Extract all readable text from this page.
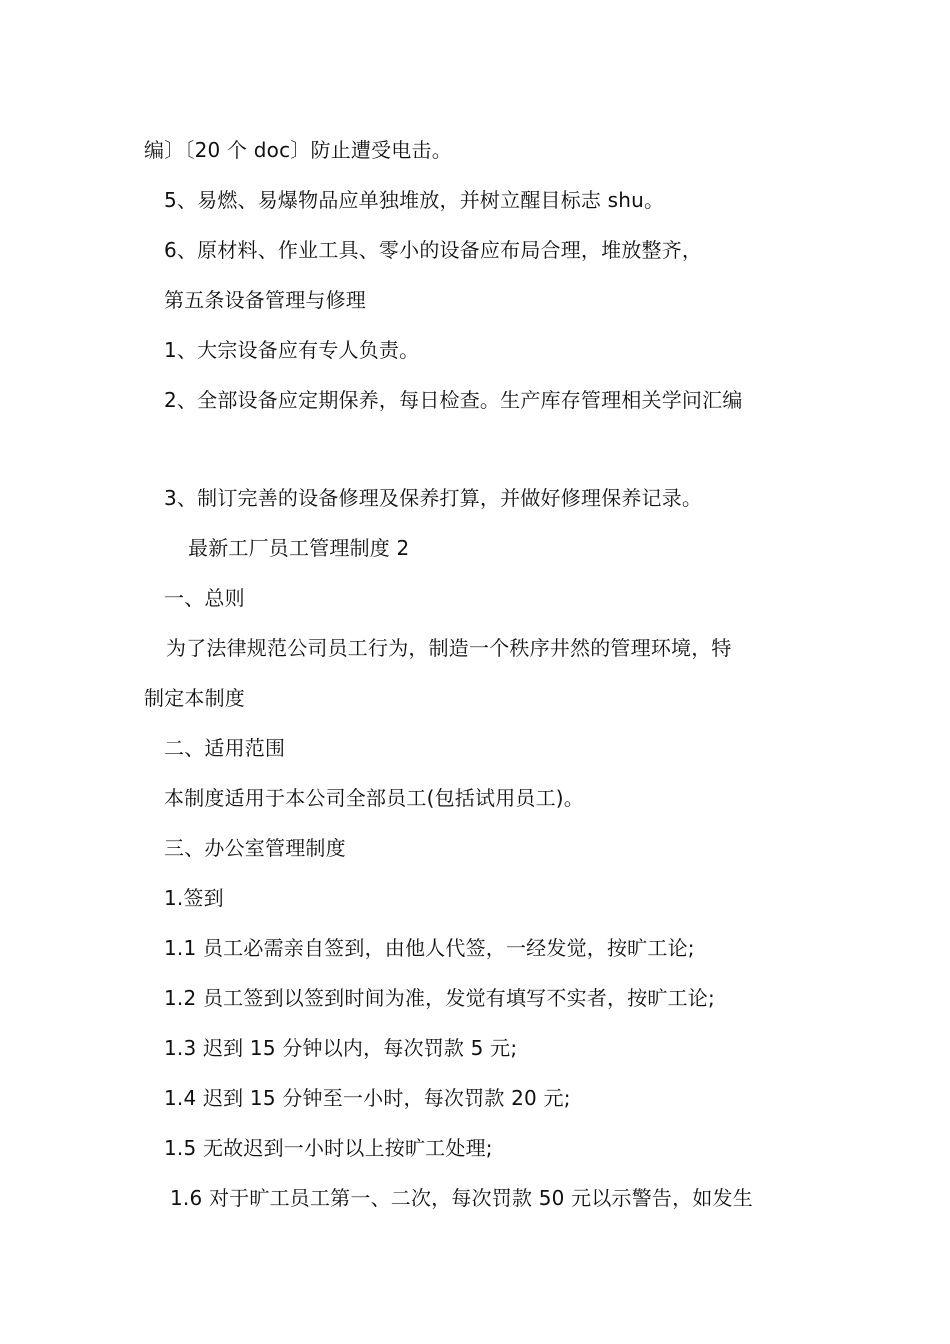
编〕〔20 个 doc〕防止遭受电击。
5、易燃、易爆物品应单独堆放，并树立醒目标志 shu。
6、原材料、作业工具、零小的设备应布局合理，堆放整齐，
第五条设备管理与修理
1、大宗设备应有专人负责。
2、全部设备应定期保养，每日检查。生产库存管理相关学问汇编
3、制订完善的设备修理及保养打算，并做好修理保养记录。
最新工厂员工管理制度 2
一、总则
为了法律规范公司员工行为，制造一个秩序井然的管理环境，特
制定本制度
二、适用范围
本制度适用于本公司全部员工(包括试用员工)。
三、办公室管理制度
1.签到
1.1 员工必需亲自签到，由他人代签，一经发觉，按旷工论;
1.2 员工签到以签到时间为准，发觉有填写不实者，按旷工论;
1.3 迟到 15 分钟以内，每次罚款 5 元;
1.4 迟到 15 分钟至一小时，每次罚款 20 元;
1.5 无故迟到一小时以上按旷工处理;
1.6 对于旷工员工第一、二次，每次罚款 50 元以示警告，如发生
